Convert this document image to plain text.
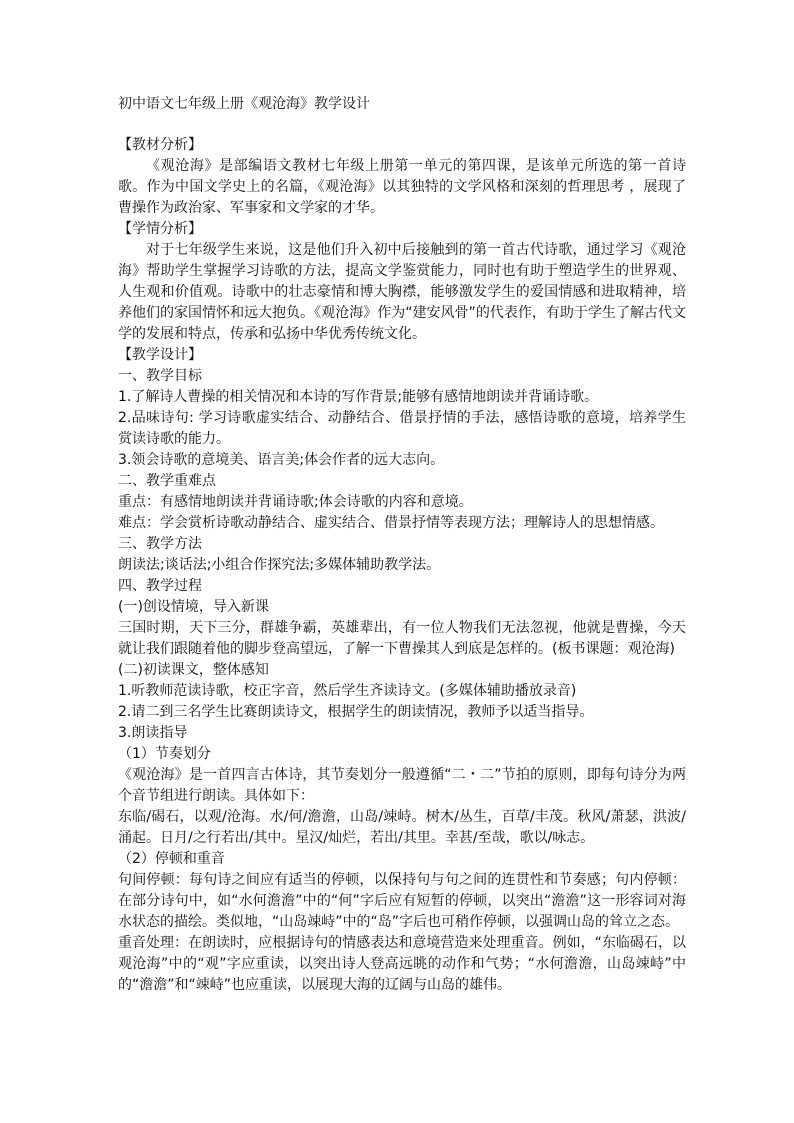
初中语文七年级上册《观沧海》教学设计

【教材分析】

《观沧海》是部编语文教材七年级上册第一单元的第四课，是该单元所选的第一首诗歌。作为中国文学史上的名篇，《观沧海》以其独特的文学风格和深刻的哲理思考 ，展现了曹操作为政治家、军事家和文学家的才华。

【学情分析】

对于七年级学生来说，这是他们升入初中后接触到的第一首古代诗歌，通过学习《观沧海》帮助学生掌握学习诗歌的方法，提高文学鉴赏能力，同时也有助于塑造学生的世界观、人生观和价值观。诗歌中的壮志豪情和博大胸襟，能够激发学生的爱国情感和进取精神，培养他们的家国情怀和远大抱负。《观沧海》作为“建安风骨”的代表作，有助于学生了解古代文学的发展和特点，传承和弘扬中华优秀传统文化。

【教学设计】

一、教学目标

1.了解诗人曹操的相关情况和本诗的写作背景;能够有感情地朗读并背诵诗歌。

2.品味诗句: 学习诗歌虚实结合、动静结合、借景抒情的手法，感悟诗歌的意境，培养学生赏读诗歌的能力。

3.领会诗歌的意境美、语言美;体会作者的远大志向。

二、教学重难点

重点：有感情地朗读并背诵诗歌;体会诗歌的内容和意境。

难点：学会赏析诗歌动静结合、虚实结合、借景抒情等表现方法；理解诗人的思想情感。

三、教学方法

朗读法;谈话法;小组合作探究法;多媒体辅助教学法。

四、教学过程

(一)创设情境，导入新课

三国时期，天下三分，群雄争霸，英雄辈出，有一位人物我们无法忽视，他就是曹操，今天就让我们跟随着他的脚步登高望远，了解一下曹操其人到底是怎样的。(板书课题：观沧海)

(二)初读课文，整体感知

1.听教师范读诗歌，校正字音，然后学生齐读诗文。(多媒体辅助播放录音)

2.请二到三名学生比赛朗读诗文，根据学生的朗读情况，教师予以适当指导。

3.朗读指导

（1）节奏划分

《观沧海》是一首四言古体诗，其节奏划分一般遵循“二・二”节拍的原则，即每句诗分为两个音节组进行朗读。具体如下：

东临/碣石，以观/沧海。水/何/澹澹，山岛/竦峙。树木/丛生，百草/丰茂。秋风/萧瑟，洪波/涌起。日月/之行若出/其中。星汉/灿烂，若出/其里。幸甚/至哉，歌以/咏志。

（2）停顿和重音

句间停顿：每句诗之间应有适当的停顿，以保持句与句之间的连贯性和节奏感；句内停顿：在部分诗句中，如“水何澹澹”中的“何”字后应有短暂的停顿，以突出“澹澹”这一形容词对海水状态的描绘。类似地，“山岛竦峙”中的“岛”字后也可稍作停顿，以强调山岛的耸立之态。

重音处理：在朗读时，应根据诗句的情感表达和意境营造来处理重音。例如，“东临碣石，以观沧海”中的“观”字应重读，以突出诗人登高远眺的动作和气势；“水何澹澹，山岛竦峙”中的“澹澹”和“竦峙”也应重读，以展现大海的辽阔与山岛的雄伟。
